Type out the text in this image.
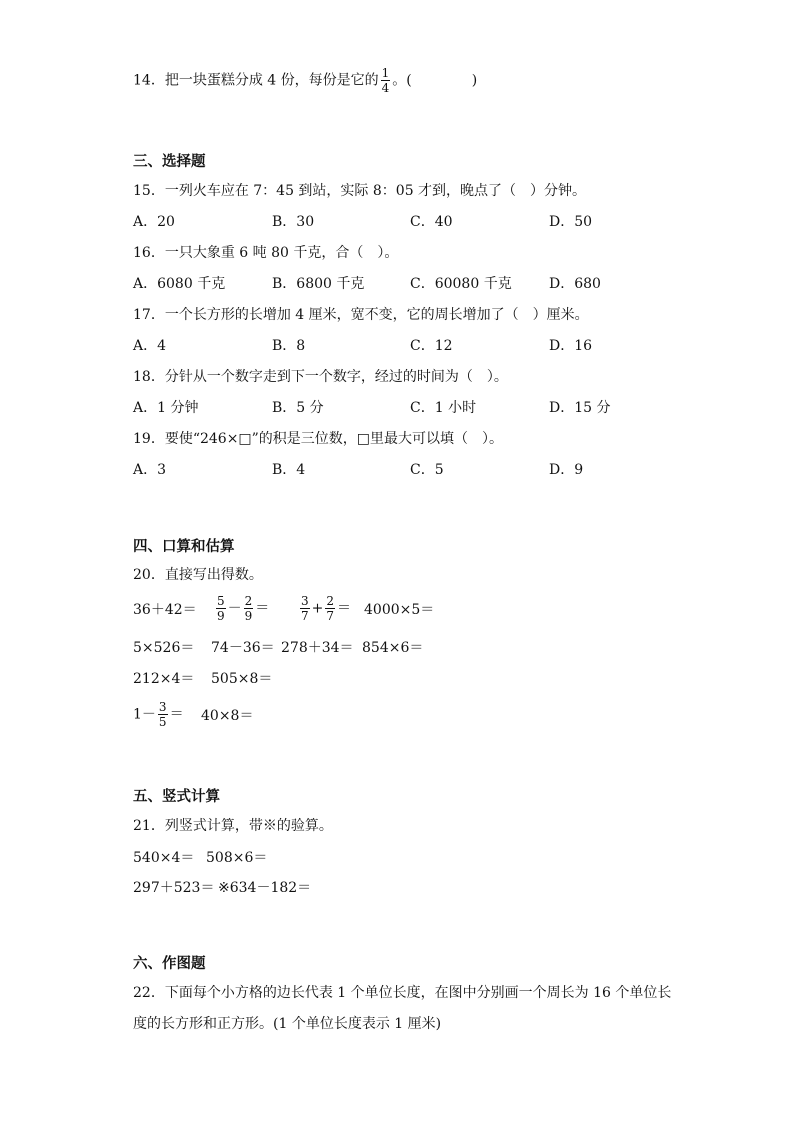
14．把一块蛋糕分成 4 份，每份是它的 $\frac{1}{4}$ 。(	)
三、选择题
15．一列火车应在 7：45 到站，实际 8：05 才到，晚点了（　）分钟。
A．20	B．30	C．40	D．50
16．一只大象重 6 吨 80 千克，合（　）。
A．6080 千克	B．6800 千克	C．60080 千克	D．680
17．一个长方形的长增加 4 厘米，宽不变，它的周长增加了（　）厘米。
A．4	B．8	C．12	D．16
18．分针从一个数字走到下一个数字，经过的时间为（　）。
A．1 分钟	B．5 分	C．1 小时	D．15 分
19．要使“246×□”的积是三位数，□里最大可以填（　）。
A．3	B．4	C．5	D．9
四、口算和估算
20．直接写出得数。
$36+42= \frac{5}{9} - \frac{2}{9}$ ＝	$\frac{3}{7} + \frac{2}{7} = 4000\times 5=$
5×526＝ 74－36＝ 278＋34＝ 854×6＝
212×4＝ 505×8＝
$1- \frac{3}{5} = 40\times 8=$
五、竖式计算
21．列竖式计算，带※的验算。
540×4＝ 508×6＝
297＋523＝ ※634－182＝
六、作图题
22．下面每个小方格的边长代表 1 个单位长度，在图中分别画一个周长为 16 个单位长
度的长方形和正方形。(1 个单位长度表示 1 厘米)
